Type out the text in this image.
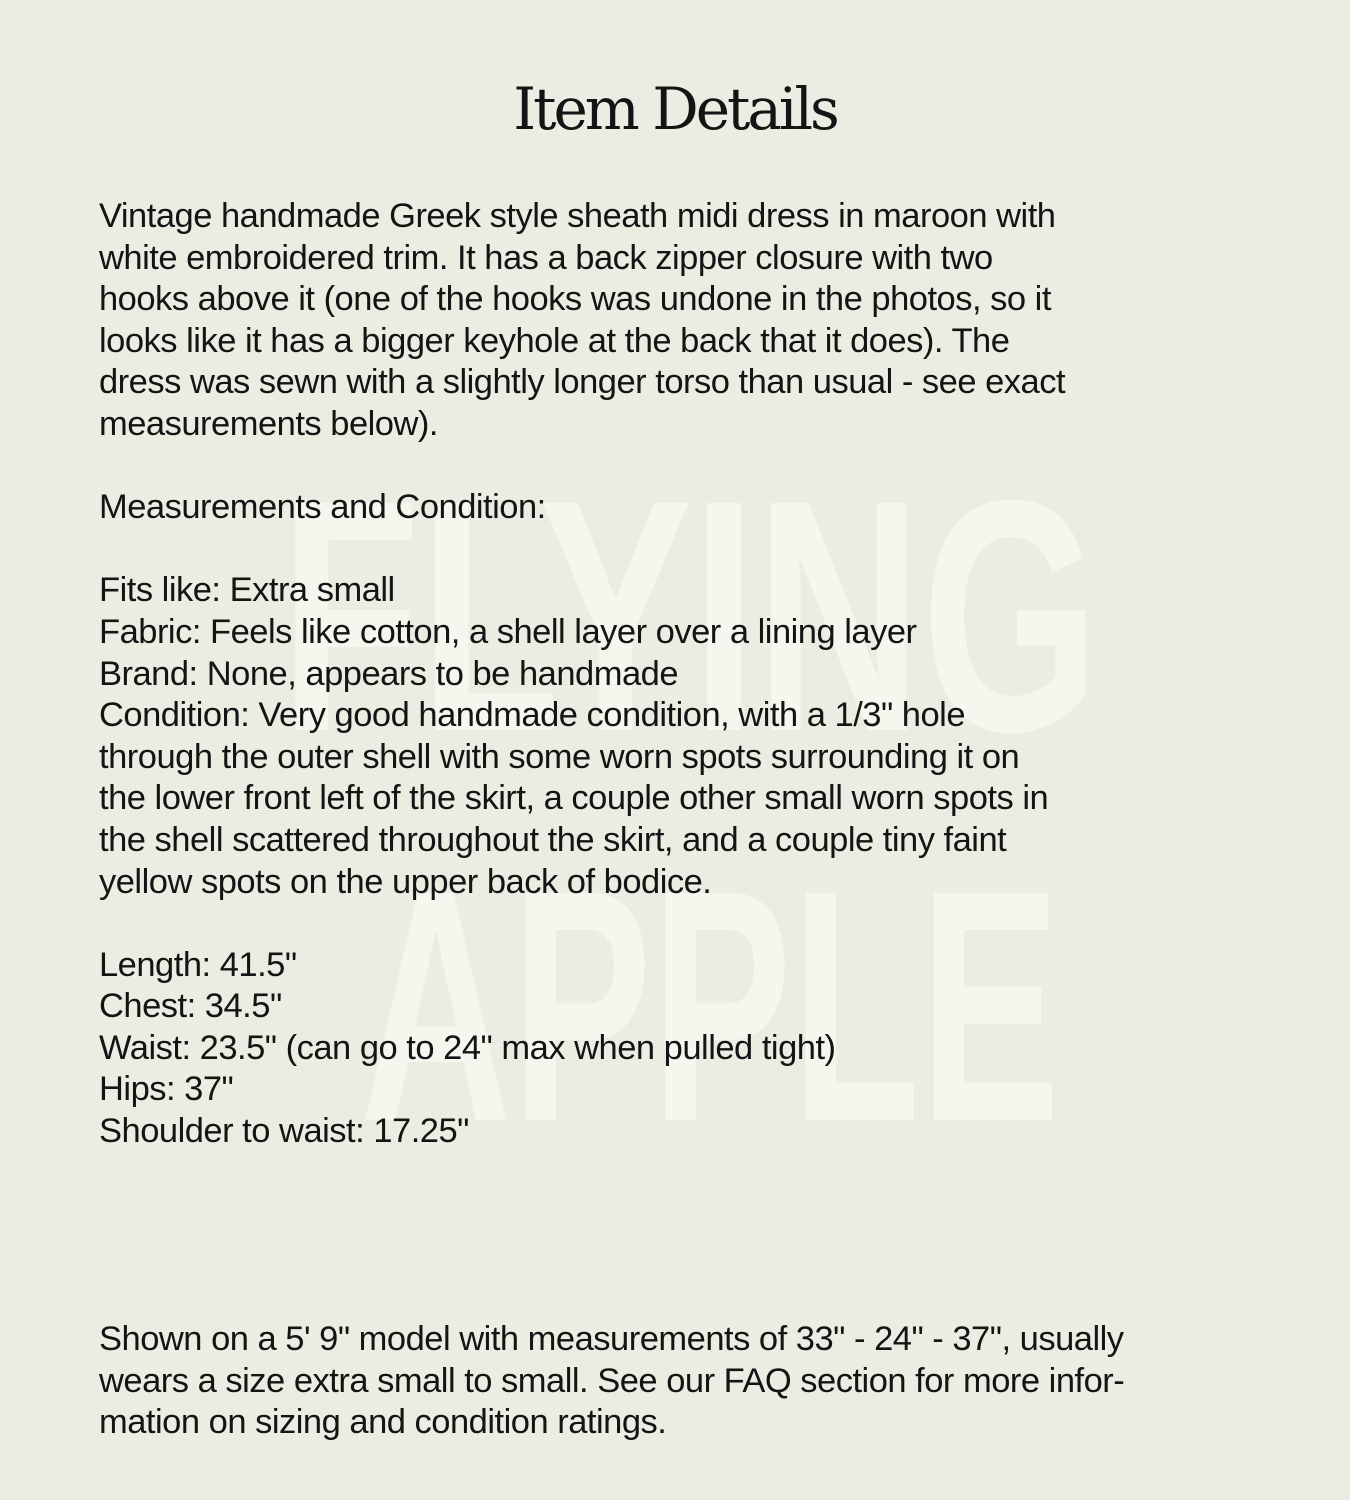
FLYING
APPLE
Item Details
Vintage handmade Greek style sheath midi dress in maroon with
white embroidered trim. It has a back zipper closure with two
hooks above it (one of the hooks was undone in the photos, so it
looks like it has a bigger keyhole at the back that it does). The
dress was sewn with a slightly longer torso than usual - see exact
measurements below).
Measurements and Condition:
Fits like: Extra small
Fabric: Feels like cotton, a shell layer over a lining layer
Brand: None, appears to be handmade
Condition: Very good handmade condition, with a 1/3" hole
through the outer shell with some worn spots surrounding it on
the lower front left of the skirt, a couple other small worn spots in
the shell scattered throughout the skirt, and a couple tiny faint
yellow spots on the upper back of bodice.
Length: 41.5"
Chest: 34.5"
Waist: 23.5" (can go to 24" max when pulled tight)
Hips: 37"
Shoulder to waist: 17.25"
Shown on a 5' 9" model with measurements of 33" - 24" - 37", usually
wears a size extra small to small. See our FAQ section for more infor-
mation on sizing and condition ratings.
